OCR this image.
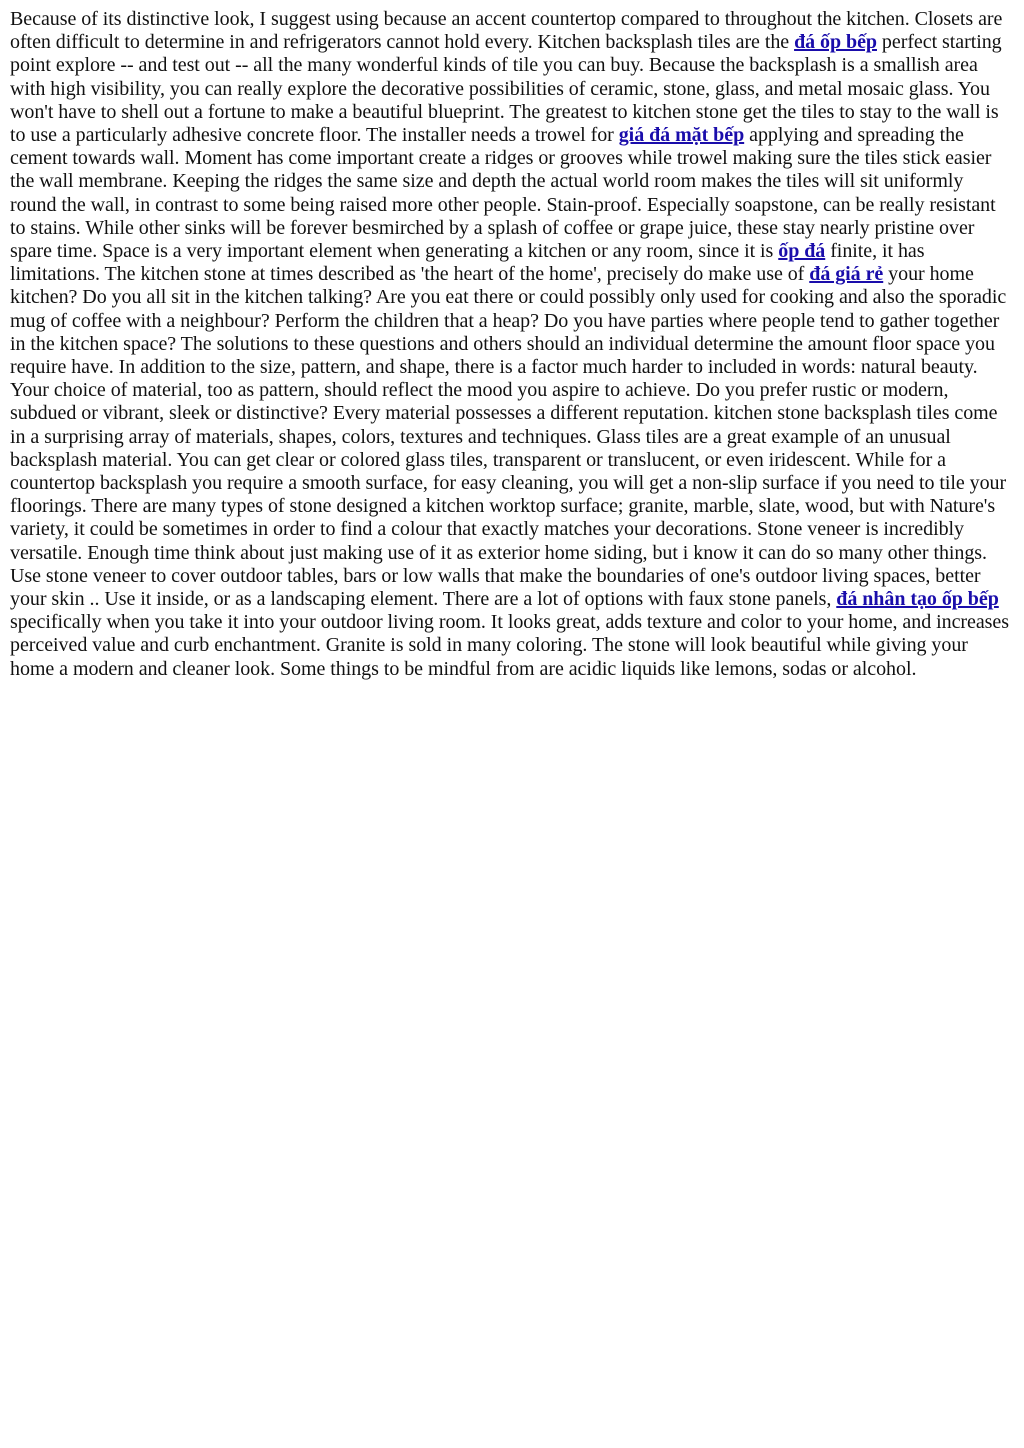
Because of its distinctive look, I suggest using because an accent countertop compared to throughout the kitchen. Closets are often difficult to determine in and refrigerators cannot hold every. Kitchen backsplash tiles are the đá ốp bếp perfect starting point explore -- and test out -- all the many wonderful kinds of tile you can buy. Because the backsplash is a smallish area with high visibility, you can really explore the decorative possibilities of ceramic, stone, glass, and metal mosaic glass. You won't have to shell out a fortune to make a beautiful blueprint. The greatest to kitchen stone get the tiles to stay to the wall is to use a particularly adhesive concrete floor. The installer needs a trowel for giá đá mặt bếp applying and spreading the cement towards wall. Moment has come important create a ridges or grooves while trowel making sure the tiles stick easier the wall membrane. Keeping the ridges the same size and depth the actual world room makes the tiles will sit uniformly round the wall, in contrast to some being raised more other people. Stain-proof. Especially soapstone, can be really resistant to stains. While other sinks will be forever besmirched by a splash of coffee or grape juice, these stay nearly pristine over spare time. Space is a very important element when generating a kitchen or any room, since it is ốp đá finite, it has limitations. The kitchen stone at times described as 'the heart of the home', precisely do make use of đá giá rẻ your home kitchen? Do you all sit in the kitchen talking? Are you eat there or could possibly only used for cooking and also the sporadic mug of coffee with a neighbour? Perform the children that a heap? Do you have parties where people tend to gather together in the kitchen space? The solutions to these questions and others should an individual determine the amount floor space you require have. In addition to the size, pattern, and shape, there is a factor much harder to included in words: natural beauty. Your choice of material, too as pattern, should reflect the mood you aspire to achieve. Do you prefer rustic or modern, subdued or vibrant, sleek or distinctive? Every material possesses a different reputation. kitchen stone backsplash tiles come in a surprising array of materials, shapes, colors, textures and techniques. Glass tiles are a great example of an unusual backsplash material. You can get clear or colored glass tiles, transparent or translucent, or even iridescent. While for a countertop backsplash you require a smooth surface, for easy cleaning, you will get a non-slip surface if you need to tile your floorings. There are many types of stone designed a kitchen worktop surface; granite, marble, slate, wood, but with Nature's variety, it could be sometimes in order to find a colour that exactly matches your decorations. Stone veneer is incredibly versatile. Enough time think about just making use of it as exterior home siding, but i know it can do so many other things. Use stone veneer to cover outdoor tables, bars or low walls that make the boundaries of one's outdoor living spaces, better your skin .. Use it inside, or as a landscaping element. There are a lot of options with faux stone panels, đá nhân tạo ốp bếp specifically when you take it into your outdoor living room. It looks great, adds texture and color to your home, and increases perceived value and curb enchantment. Granite is sold in many coloring. The stone will look beautiful while giving your home a modern and cleaner look. Some things to be mindful from are acidic liquids like lemons, sodas or alcohol.
